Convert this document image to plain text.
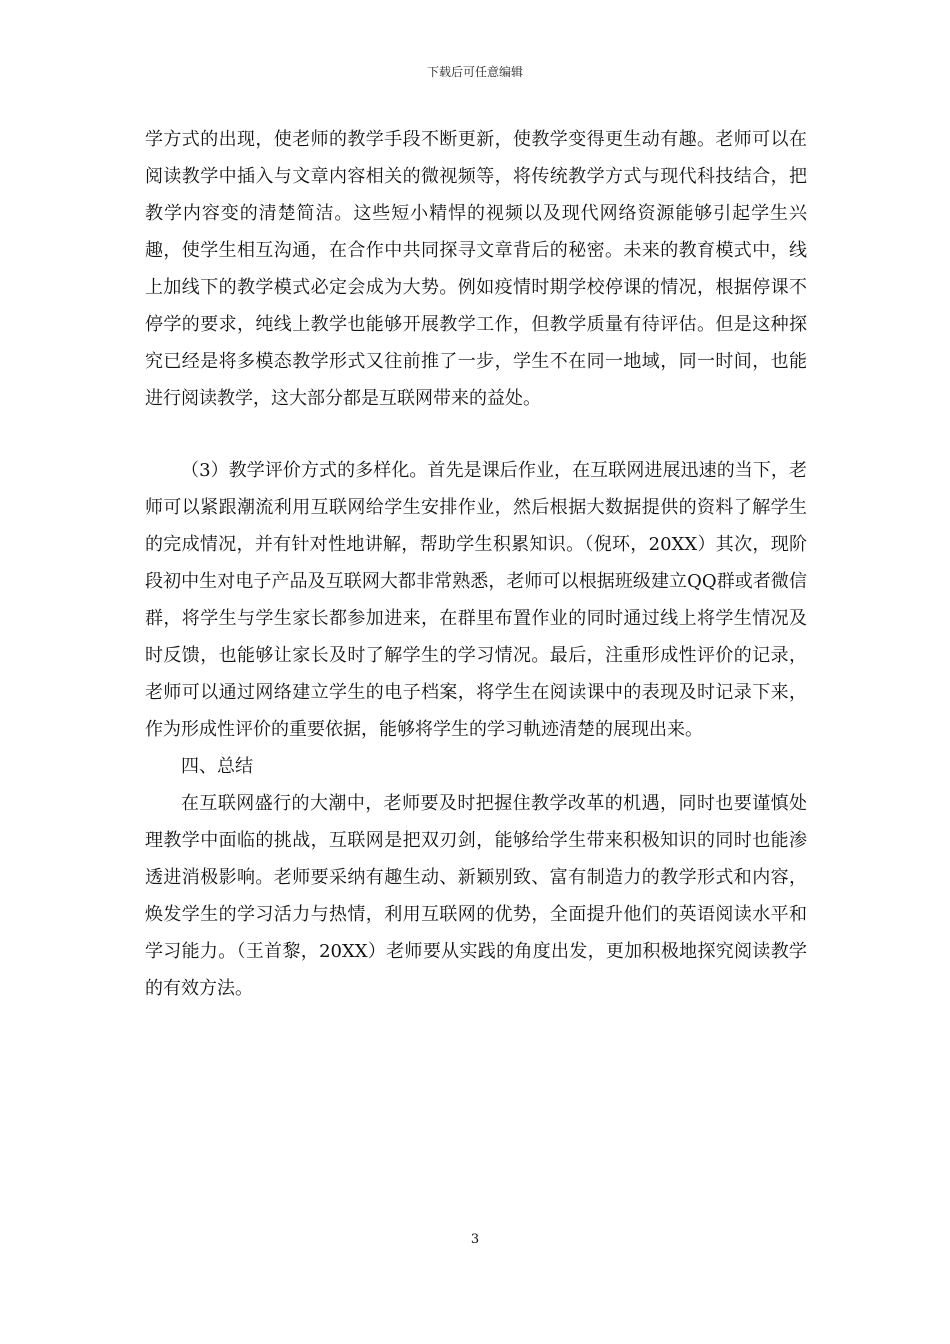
下载后可任意编辑

学方式的出现，使老师的教学手段不断更新，使教学变得更生动有趣。老师可以在阅读教学中插入与文章内容相关的微视频等，将传统教学方式与现代科技结合，把教学内容变的清楚简洁。这些短小精悍的视频以及现代网络资源能够引起学生兴趣，使学生相互沟通，在合作中共同探寻文章背后的秘密。未来的教育模式中，线上加线下的教学模式必定会成为大势。例如疫情时期学校停课的情况，根据停课不停学的要求，纯线上教学也能够开展教学工作，但教学质量有待评估。但是这种探究已经是将多模态教学形式又往前推了一步，学生不在同一地域，同一时间，也能进行阅读教学，这大部分都是互联网带来的益处。

（3）教学评价方式的多样化。首先是课后作业，在互联网进展迅速的当下，老师可以紧跟潮流利用互联网给学生安排作业，然后根据大数据提供的资料了解学生的完成情况，并有针对性地讲解，帮助学生积累知识。（倪环，20XX）其次，现阶段初中生对电子产品及互联网大都非常熟悉，老师可以根据班级建立QQ群或者微信群，将学生与学生家长都参加进来，在群里布置作业的同时通过线上将学生情况及时反馈，也能够让家长及时了解学生的学习情况。最后，注重形成性评价的记录，老师可以通过网络建立学生的电子档案，将学生在阅读课中的表现及时记录下来，作为形成性评价的重要依据，能够将学生的学习軌迹清楚的展现出来。

四、总结

在互联网盛行的大潮中，老师要及时把握住教学改革的机遇，同时也要谨慎处理教学中面临的挑战，互联网是把双刃剑，能够给学生带来积极知识的同时也能渗透进消极影响。老师要采纳有趣生动、新颖别致、富有制造力的教学形式和内容，焕发学生的学习活力与热情，利用互联网的优势，全面提升他们的英语阅读水平和学习能力。（王首黎，20XX）老师要从实践的角度出发，更加积极地探究阅读教学的有效方法。

3
